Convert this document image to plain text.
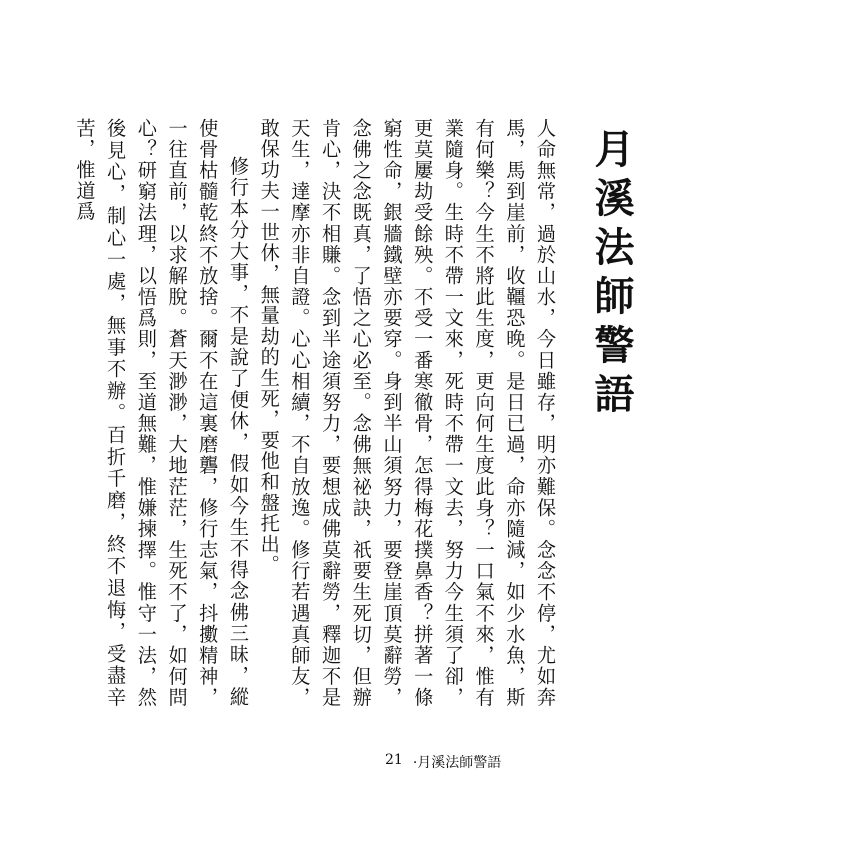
月溪法師警語

人命無常，過於山水，今日雖存，明亦難保。念念不停，尤如奔馬，馬到崖前，收韁恐晚。是日已過，命亦隨減，如少水魚，斯有何樂？今生不將此生度，更向何生度此身？一口氣不來，惟有業隨身。生時不帶一文來，死時不帶一文去，努力今生須了卻，更莫屢劫受餘殃。不受一番寒徹骨，怎得梅花撲鼻香？拼著一條窮性命，銀牆鐵壁亦要穿。身到半山須努力，要登崖頂莫辭勞，念佛之念既真，了悟之心必至。念佛無祕訣，祇要生死切，但辦肯心，決不相賺。念到半途須努力，要想成佛莫辭勞，釋迦不是天生，達摩亦非自證。心心相續，不自放逸。修行若遇真師友，敢保功夫一世休，無量劫的生死，要他和盤托出。

修行本分大事，不是說了便休，假如今生不得念佛三昧，縱使骨枯髓乾終不放捨。爾不在這裏磨礱，修行志氣，抖擻精神，一往直前，以求解脫。蒼天渺渺，大地茫茫，生死不了，如何問心？研窮法理，以悟爲則，至道無難，惟嫌揀擇。惟守一法，然後見心，制心一處，無事不辦。百折千磨，終不退悔，受盡辛苦，惟道爲

21 ·月溪法師警語
